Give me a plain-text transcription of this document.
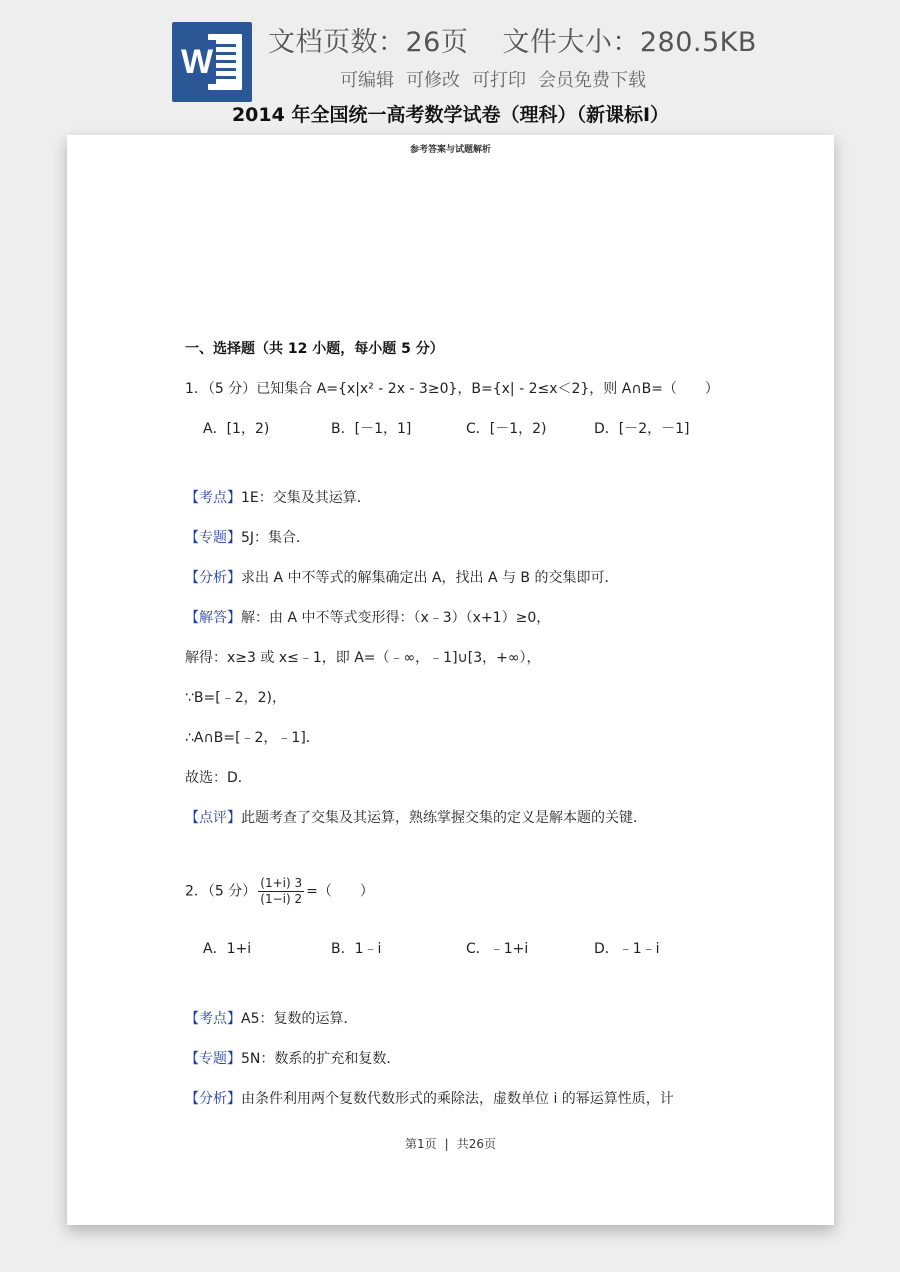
W
文档页数：26页 文件大小：280.5KB
可编辑 可修改 可打印 会员免费下载
2014 年全国统一高考数学试卷（理科）（新课标Ⅰ）
参考答案与试题解析
一、选择题（共 12 小题，每小题 5 分）
1．（5 分）已知集合 A={x|x² - 2x - 3≥0}，B={x| - 2≤x＜2}，则 A∩B=（　　）
A．[1，2)	B．[－1，1]	C．[－1，2)	D．[－2，－1]
【考点】1E：交集及其运算．
【专题】5J：集合．
【分析】求出 A 中不等式的解集确定出 A，找出 A 与 B 的交集即可．
【解答】解：由 A 中不等式变形得：（x﹣3）（x+1）≥0，
解得：x≥3 或 x≤﹣1，即 A=（﹣∞，﹣1]∪[3，+∞），
∵B=[﹣2，2)，
∴A∩B=[﹣2，﹣1]．
故选：D．
【点评】此题考查了交集及其运算，熟练掌握交集的定义是解本题的关键．
2．（5 分） $\frac{(1+i) 3}{(1-i) 2}$ =（　　）
A．1+i	B．1﹣i	C．﹣1+i	D．﹣1﹣i
【考点】A5：复数的运算．
【专题】5N：数系的扩充和复数．
【分析】由条件利用两个复数代数形式的乘除法，虚数单位 i 的幂运算性质，计
第1页 | 共26页
